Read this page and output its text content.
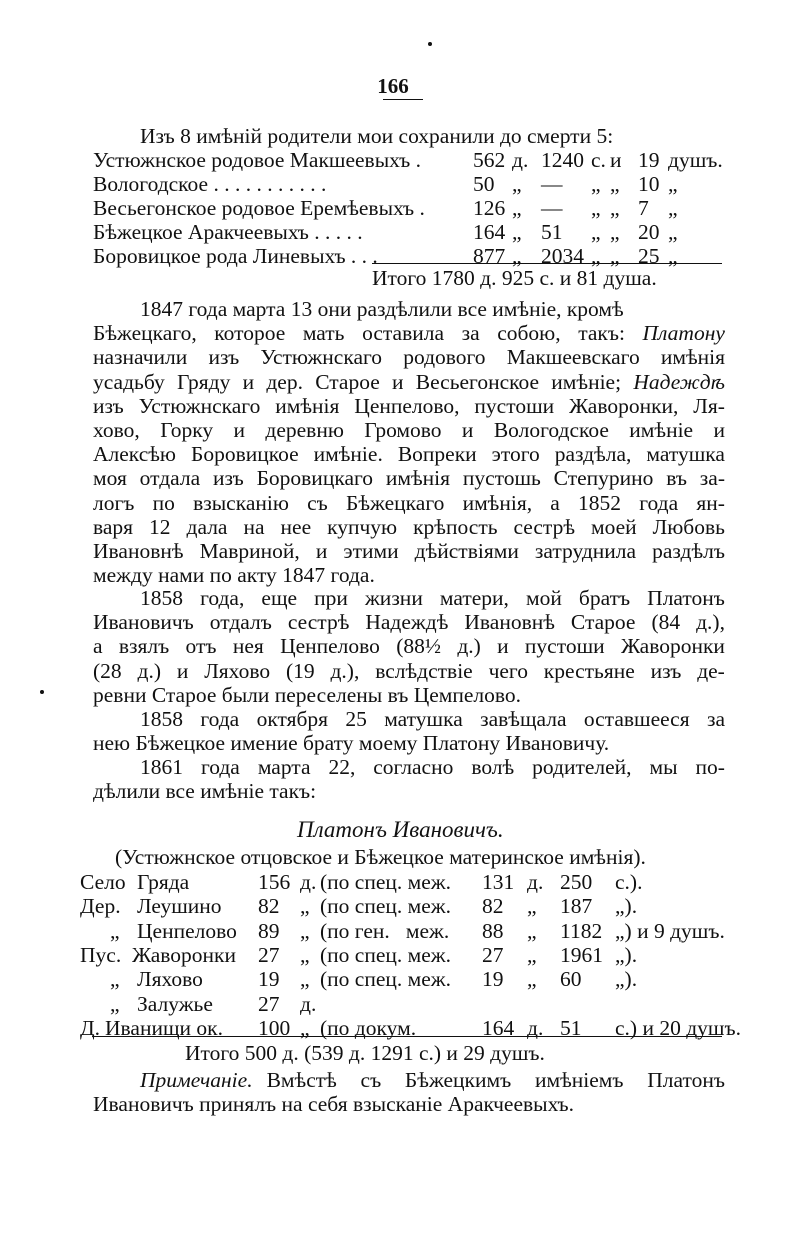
166
Изъ 8 имѣній родители мои сохранили до смерти 5:
Устюжнское родовое Макшеевыхъ . 562 д. 1240 с. и 19 душъ.
Вологодское . . . . . . . . . . .	50 „ — „ „ 10 „
Весьегонское родовое Еремѣевыхъ . 126 „ — „ „ 7 „
Бѣжецкое Аракчеевыхъ . . . . .	164 „ 51 „ „ 20 „
Боровицкое рода Линевыхъ . . .	877 „ 2034 „ „ 25 „
Итого 1780 д. 925 с. и 81 душа.
1847 года марта 13 они раздѣлили все имѣніе, кромѣ
Бѣжецкаго, которое мать оставила за собою, такъ: Платону
назначили изъ Устюжнскаго родового Макшеевскаго имѣнія
усадьбу Гряду и дер. Старое и Весьегонское имѣніе; Надеждѣ
изъ Устюжнскаго имѣнія Ценпелово, пустоши Жаворонки, Ля-
хово, Горку и деревню Громово и Вологодское имѣніе и
Алексѣю Боровицкое имѣніе. Вопреки этого раздѣла, матушка
моя отдала изъ Боровицкаго имѣнія пустошь Степурино въ за-
логъ по взысканію съ Бѣжецкаго имѣнія, а 1852 года ян-
варя 12 дала на нее купчую крѣпость сестрѣ моей Любовь
Ивановнѣ Мавриной, и этими дѣйствіями затруднила раздѣлъ
между нами по акту 1847 года.
1858 года, еще при жизни матери, мой братъ Платонъ
Ивановичъ отдалъ сестрѣ Надеждѣ Ивановнѣ Старое (84 д.),
а взялъ отъ нея Ценпелово (88½ д.) и пустоши Жаворонки
(28 д.) и Ляхово (19 д.), вслѣдствіе чего крестьяне изъ де-
ревни Старое были переселены въ Цемпелово.
1858 года октября 25 матушка завѣщала оставшееся за
нею Бѣжецкое имение брату моему Платону Ивановичу.
1861 года марта 22, согласно волѣ родителей, мы по-
дѣлили все имѣніе такъ:
Платонъ Ивановичъ.
(Устюжнское отцовское и Бѣжецкое материнское имѣнія).
Село Гряда	156 д. (по спец. меж. 131 д. 250 с.).
Дер. Леушино 82 „ (по спец. меж. 82 „ 187 „).
„ Ценпелово 89 „ (по ген.   меж. 88 „ 1182 „) и 9 душъ.
Пус. Жаворонки 27 „ (по спец. меж. 27 „ 1961 „).
„ Ляхово	19 „ (по спец. меж. 19 „ 60 „).
„ Залужье 27 д.
Д. Иванищи ок. 100 „ (по докум.	164 д. 51 с.) и 20 душъ.
Итого 500 д. (539 д. 1291 с.) и 29 душъ.
Примечаніе. Вмѣстѣ съ Бѣжецкимъ имѣніемъ Платонъ
Ивановичъ принялъ на себя взысканіе Аракчеевыхъ.
